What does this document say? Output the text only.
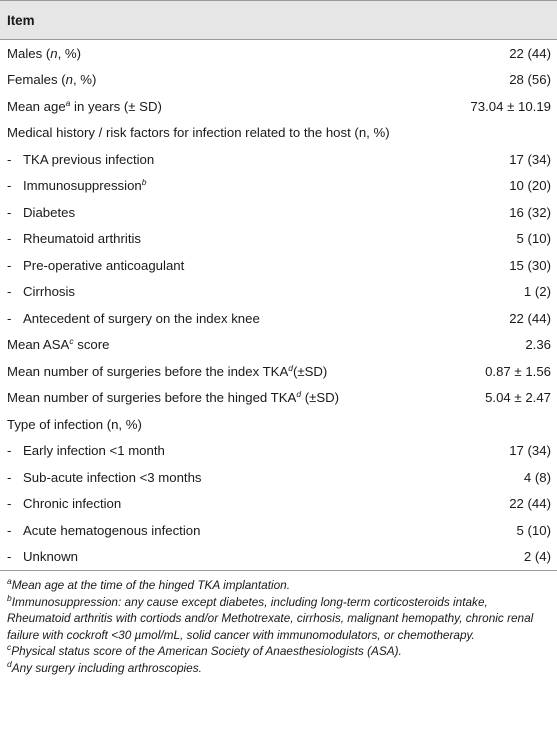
Item
Males (n, %)	22 (44)
Females (n, %)	28 (56)
Mean age$^a$ in years (± SD)	73.04 ± 10.19
Medical history / risk factors for infection related to the host (n, %)	
- TKA previous infection	17 (34)
- Immunosuppression$^b$	10 (20)
- Diabetes	16 (32)
- Rheumatoid arthritis	5 (10)
- Pre-operative anticoagulant	15 (30)
- Cirrhosis	1 (2)
- Antecedent of surgery on the index knee	22 (44)
Mean ASA$^c$ score	2.36
Mean number of surgeries before the index $TKA^d(\pm SD)$	0.87 ± 1.56
Mean number of surgeries before the hinged TKA$^d$ (±SD)	5.04 ± 2.47
Type of infection (n, %)	
- Early infection <1 month	17 (34)
- Sub-acute infection <3 months	4 (8)
- Chronic infection	22 (44)
- Acute hematogenous infection	5 (10)
- Unknown	2 (4)

$^a$Mean age at the time of the hinged TKA implantation.

$^b$Immunosuppression: any cause except diabetes, including long-term corticosteroids intake, Rheumatoid arthritis with cortiods and/or Methotrexate, cirrhosis, malignant hemopathy, chronic renal failure with cockroft <30 µmol/mL, solid cancer with immunomodulators, or chemotherapy.

$^c$Physical status score of the American Society of Anaesthesiologists (ASA).

$^d$Any surgery including arthroscopies.
